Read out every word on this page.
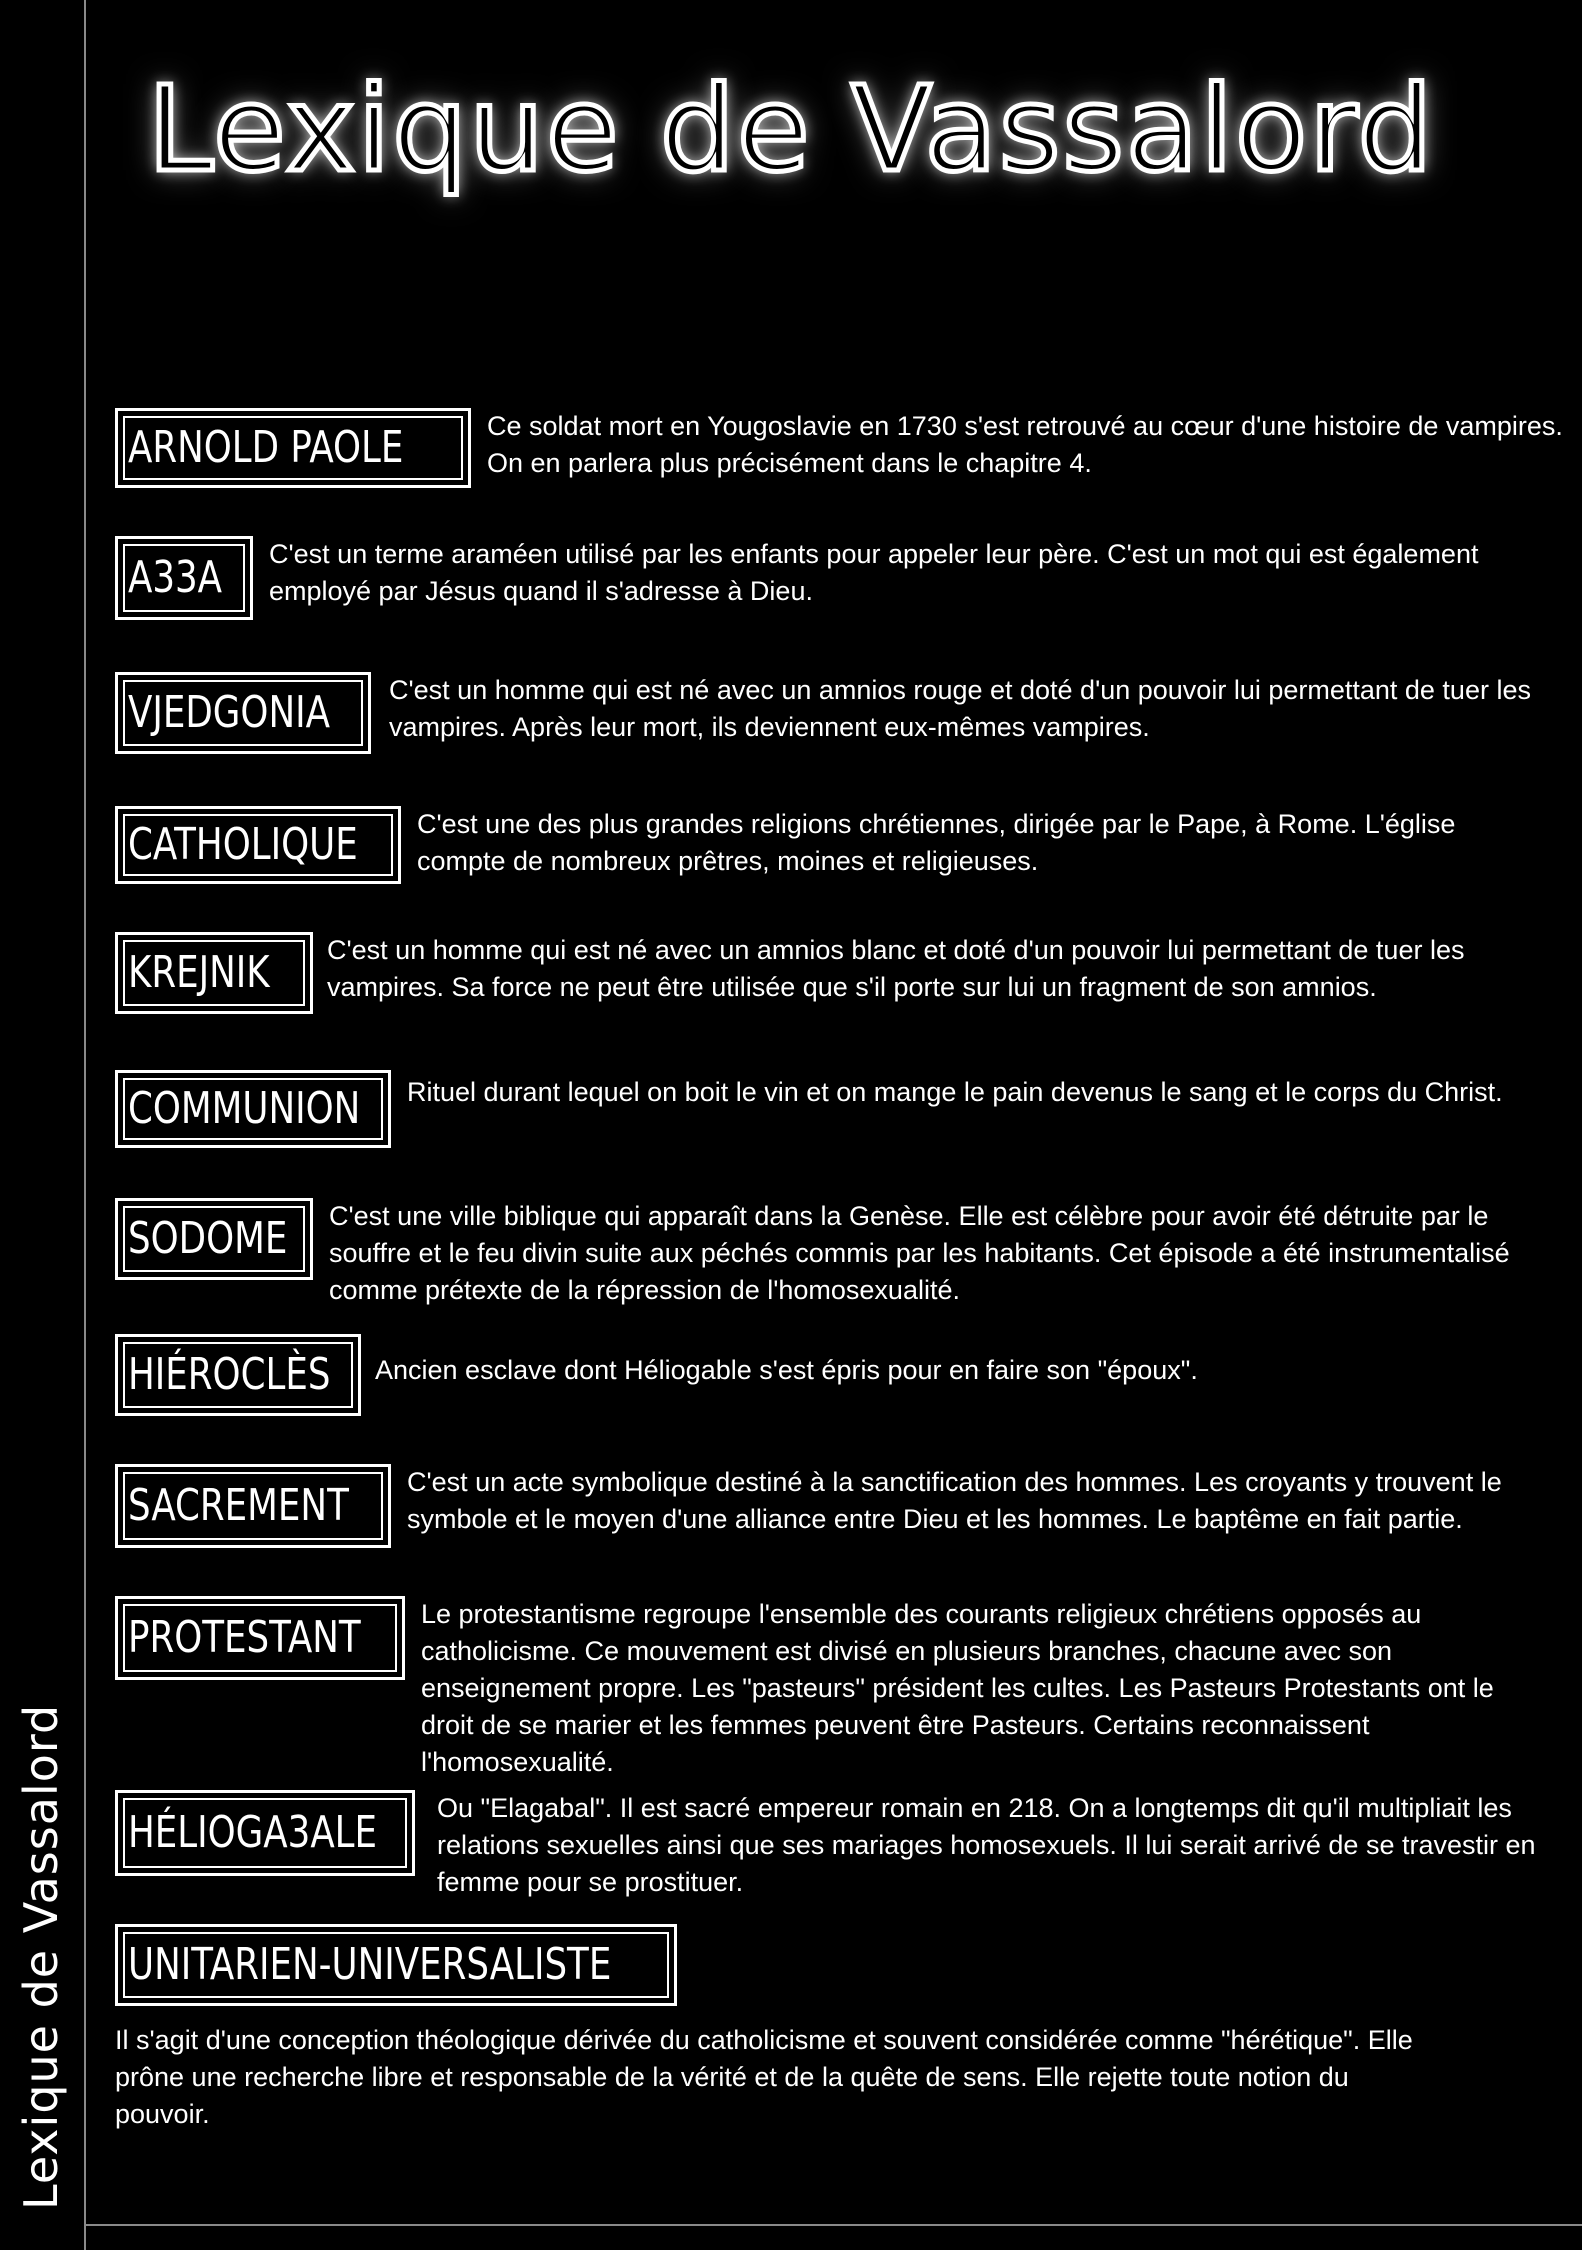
Lexique de Vassalord
Lexique de Vassalord
ARNOLD PAOLE	Ce soldat mort en Yougoslavie en 1730 s'est retrouvé au cœur d'une histoire de vampires. On en parlera plus précisément dans le chapitre 4.
A33A	C'est un terme araméen utilisé par les enfants pour appeler leur père. C'est un mot qui est également employé par Jésus quand il s'adresse à Dieu.
VJEDGONIA	C'est un homme qui est né avec un amnios rouge et doté d'un pouvoir lui permettant de tuer les vampires. Après leur mort, ils deviennent eux-mêmes vampires.
CATHOLIQUE	C'est une des plus grandes religions chrétiennes, dirigée par le Pape, à Rome. L'église compte de nombreux prêtres, moines et religieuses.
KREJNIK	C'est un homme qui est né avec un amnios blanc et doté d'un pouvoir lui permettant de tuer les vampires. Sa force ne peut être utilisée que s'il porte sur lui un fragment de son amnios.
COMMUNION	Rituel durant lequel on boit le vin et on mange le pain devenus le sang et le corps du Christ.
SODOME	C'est une ville biblique qui apparaît dans la Genèse. Elle est célèbre pour avoir été détruite par le souffre et le feu divin suite aux péchés commis par les habitants. Cet épisode a été instrumentalisé comme prétexte de la répression de l'homosexualité.
HIÉROCLÈS	Ancien esclave dont Héliogable s'est épris pour en faire son "époux".
SACREMENT	C'est un acte symbolique destiné à la sanctification des hommes. Les croyants y trouvent le symbole et le moyen d'une alliance entre Dieu et les hommes. Le baptême en fait partie.
PROTESTANT	Le protestantisme regroupe l'ensemble des courants religieux chrétiens opposés au catholicisme. Ce mouvement est divisé en plusieurs branches, chacune avec son enseignement propre. Les "pasteurs" président les cultes. Les Pasteurs Protestants ont le droit de se marier et les femmes peuvent être Pasteurs. Certains reconnaissent l'homosexualité.
HÉLIOGA3ALE	Ou "Elagabal". Il est sacré empereur romain en 218. On a longtemps dit qu'il multipliait les relations sexuelles ainsi que ses mariages homosexuels. Il lui serait arrivé de se travestir en femme pour se prostituer.
UNITARIEN-UNIVERSALISTE
Il s'agit d'une conception théologique dérivée du catholicisme et souvent considérée comme "hérétique". Elle prône une recherche libre et responsable de la vérité et de la quête de sens. Elle rejette toute notion du pouvoir.
